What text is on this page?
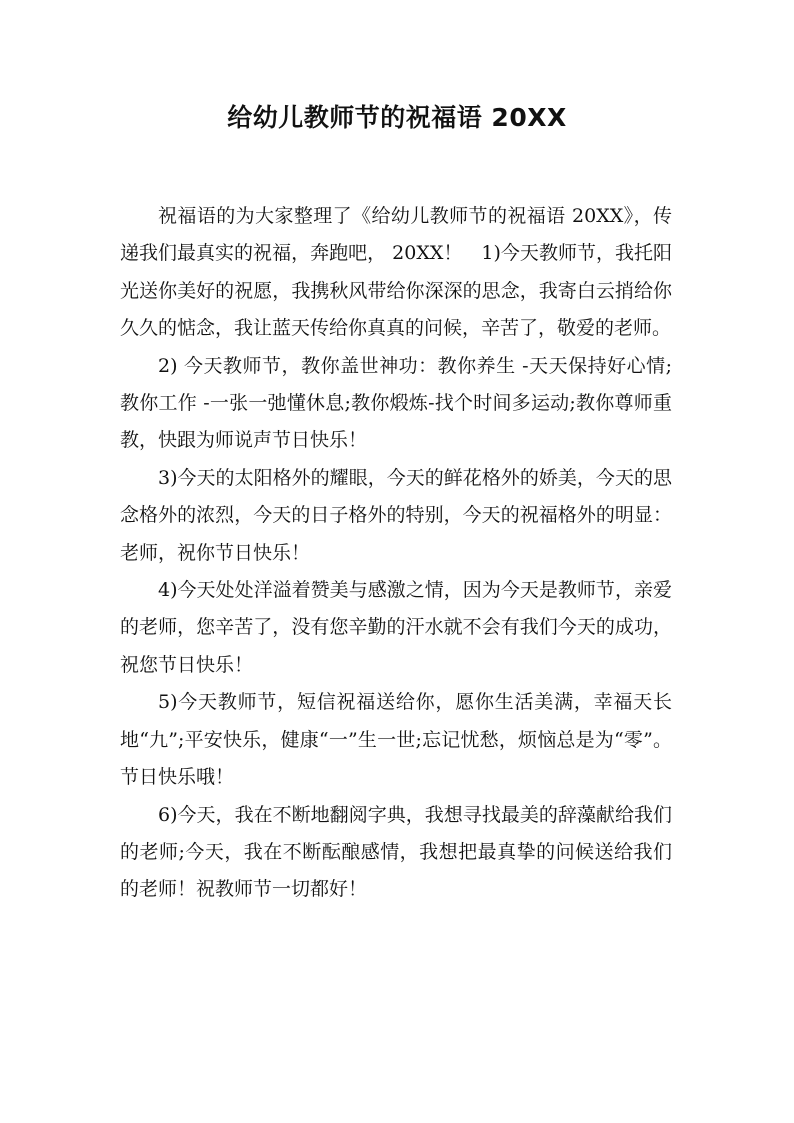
给幼儿教师节的祝福语 20XX

祝福语的为大家整理了《给幼儿教师节的祝福语 20XX》，传递我们最真实的祝福，奔跑吧， 20XX！　1)今天教师节，我托阳光送你美好的祝愿，我携秋风带给你深深的思念，我寄白云捎给你久久的惦念，我让蓝天传给你真真的问候，辛苦了，敬爱的老师。

2) 今天教师节，教你盖世神功：教你养生 -天天保持好心情;教你工作 -一张一弛懂休息;教你煅炼-找个时间多运动;教你尊师重教，快跟为师说声节日快乐！

3)今天的太阳格外的耀眼，今天的鲜花格外的娇美，今天的思念格外的浓烈，今天的日子格外的特别，今天的祝福格外的明显：老师，祝你节日快乐！

4)今天处处洋溢着赞美与感激之情，因为今天是教师节，亲爱的老师，您辛苦了，没有您辛勤的汗水就不会有我们今天的成功，祝您节日快乐！

5)今天教师节，短信祝福送给你，愿你生活美满，幸福天长地“九”;平安快乐，健康“一”生一世;忘记忧愁，烦恼总是为“零”。节日快乐哦！

6)今天，我在不断地翻阅字典，我想寻找最美的辞藻献给我们的老师;今天，我在不断酝酿感情，我想把最真挚的问候送给我们的老师！祝教师节一切都好！
